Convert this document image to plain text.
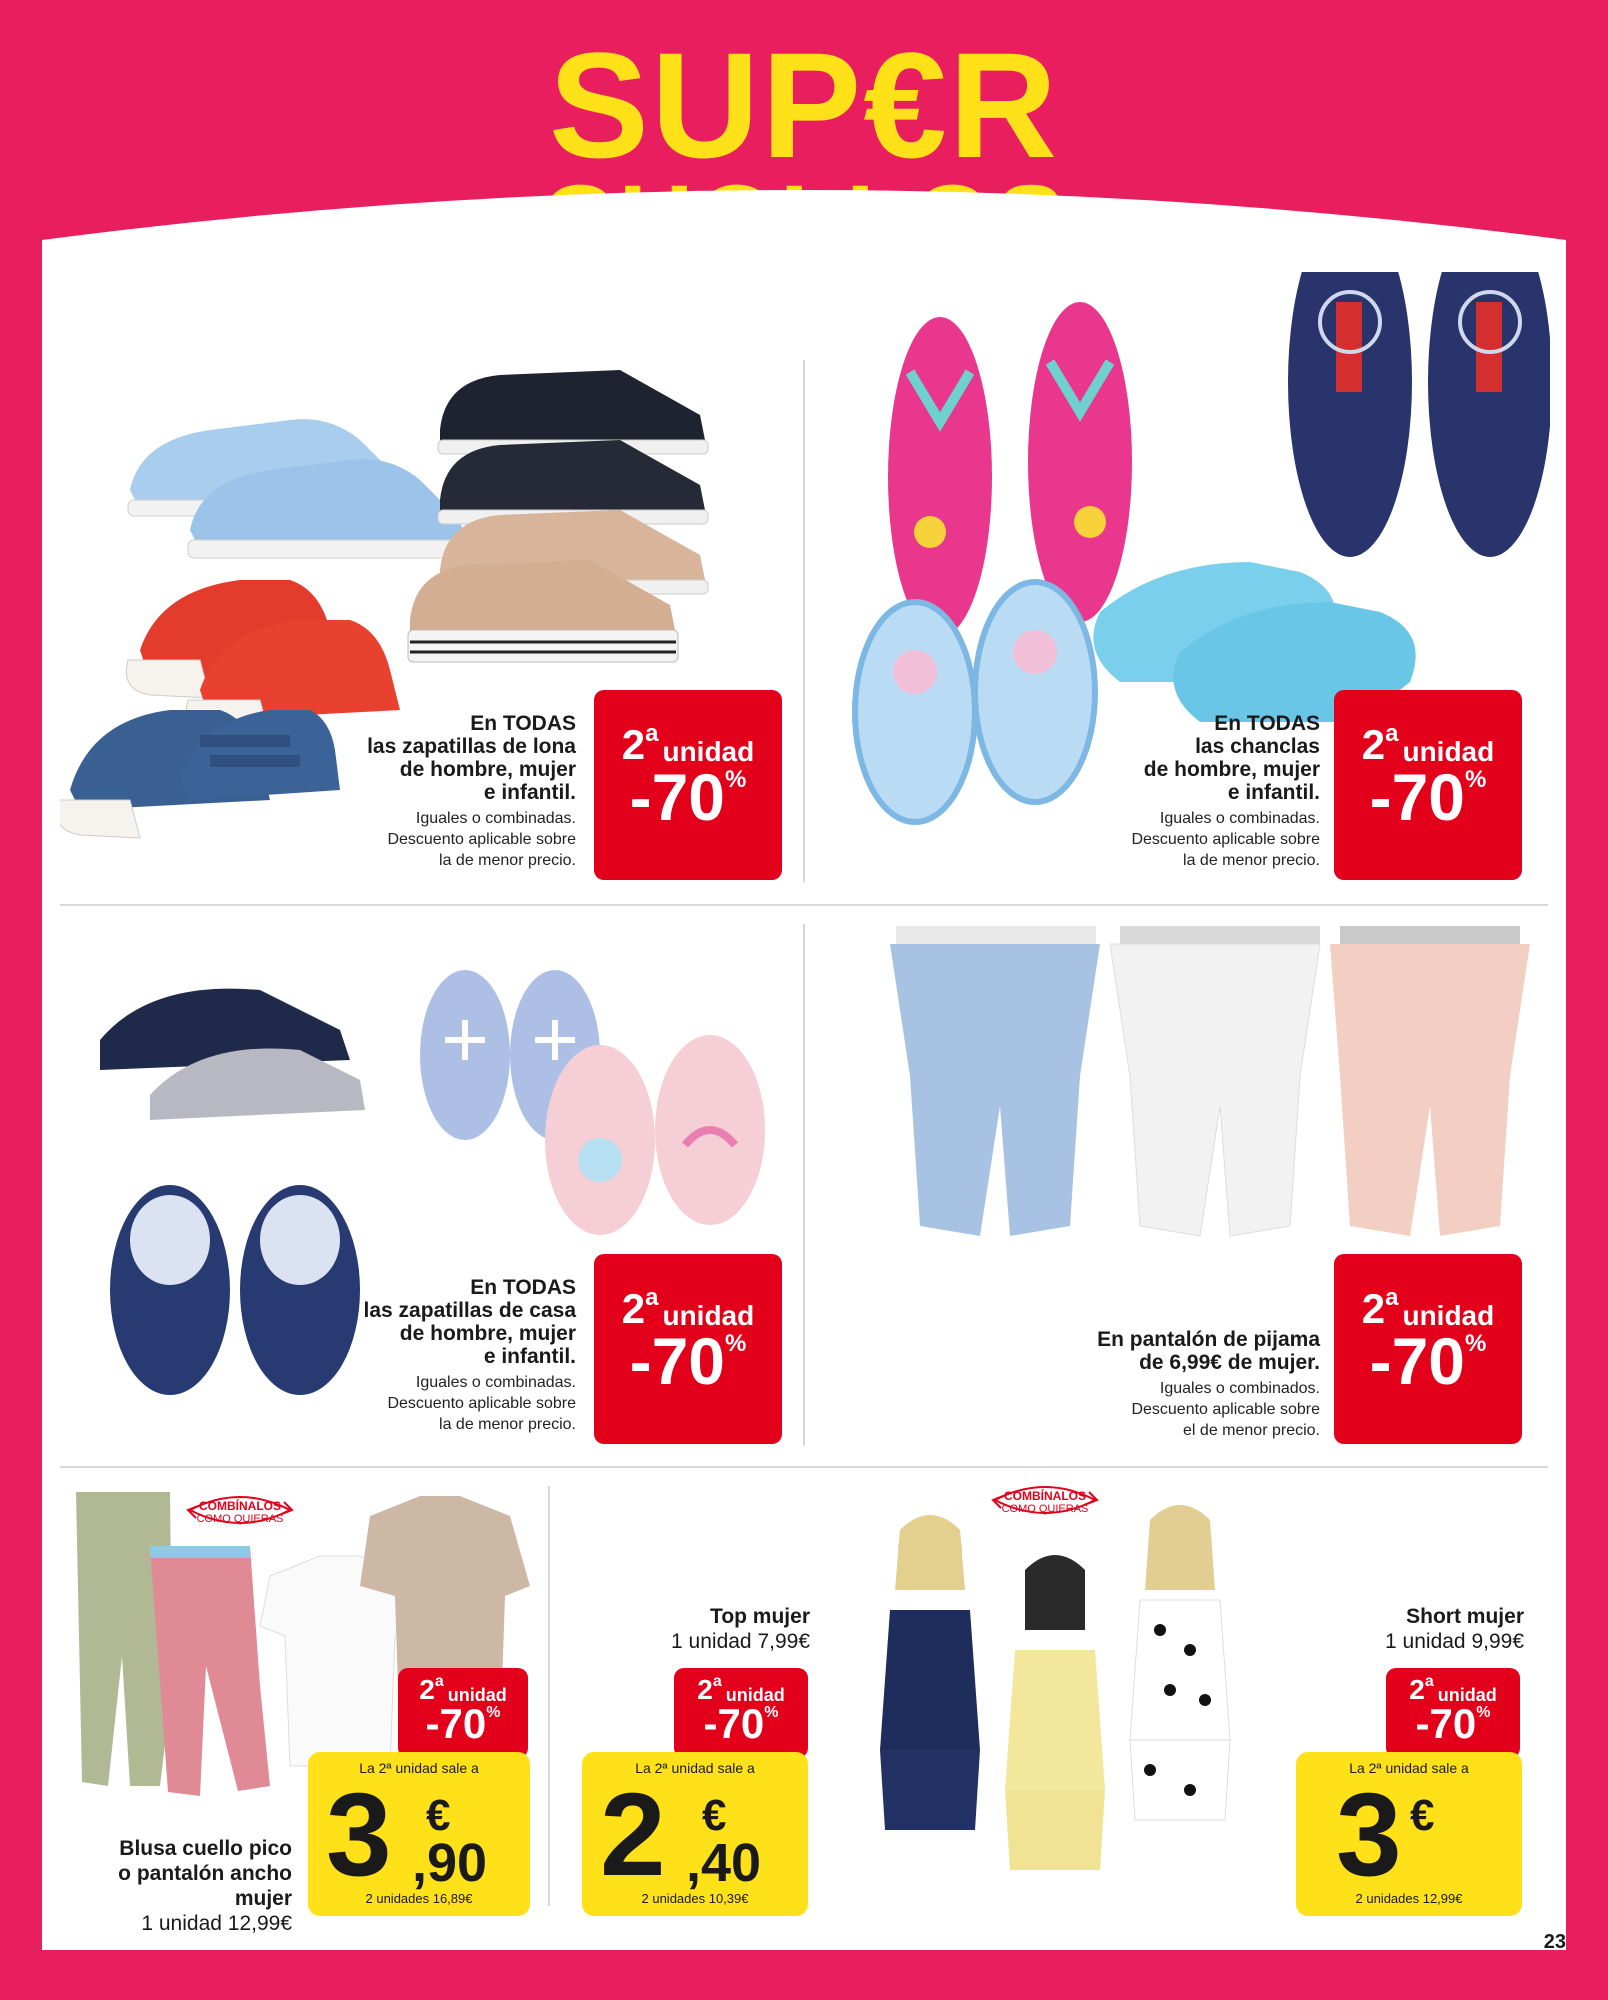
SUP€R
En TODAS
las zapatillas de lona
de hombre, mujer
e infantil.
Iguales o combinadas.
Descuento aplicable sobre
la de menor precio.
2 a
unidad
-70 %
En TODAS
las chanclas
de hombre, mujer
e infantil.
Iguales o combinadas.
Descuento aplicable sobre
la de menor precio.
2 a
unidad
-70 %
En TODAS
las zapatillas de casa
de hombre, mujer
e infantil.
Iguales o combinadas.
Descuento aplicable sobre
la de menor precio.
2 a
unidad
-70 %	En pantalón de pijama
de 6,99€ de mujer.
Iguales o combinados.
Descuento aplicable sobre
el de menor precio.
2 a
unidad
-70 %
COMBÍNALOS
COMO QUIERAS
2 a
unidad
-70 %
La 2ª unidad sale a
3 €
,90
2 unidades 16,89€
Blusa cuello pico
o pantalón ancho
mujer
1 unidad 12,99€
Top mujer
1 unidad 7,99€
2 a
unidad
-70 %
La 2ª unidad sale a
2 €
,40
2 unidades 10,39€
COMBÍNALOS
COMO QUIERAS
Short mujer
1 unidad 9,99€
2 a
unidad
-70 %
La 2ª unidad sale a
3 €
2 unidades 12,99€
23
